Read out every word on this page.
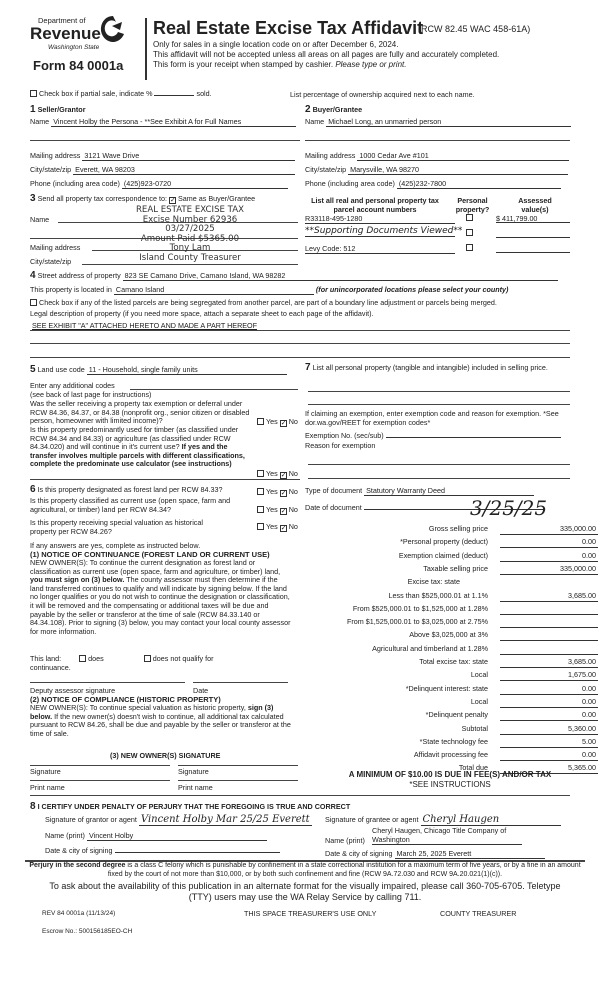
Department of
Revenue
Washington State
Form 84 0001a
Real Estate Excise Tax Affidavit
(RCW 82.45 WAC 458-61A)
Only for sales in a single location code on or after December 6, 2024.
This affidavit will not be accepted unless all areas on all pages are fully and accurately completed.
This form is your receipt when stamped by cashier. Please type or print.
Check box if partial sale, indicate %	sold.	List percentage of ownership acquired next to each name.
1 Seller/Grantor
Name Vincent Holby the Persona - **See Exhibit A for Full Names
Mailing address 3121 Wave Drive
City/state/zip Everett, WA 98203
Phone (including area code) (425)923-0720
2 Buyer/Grantee
Name Michael Long, an unmarried person
Mailing address 1000 Cedar Ave #101
City/state/zip Marysville, WA 98270
Phone (including area code) (425)232-7800
3 Send all property tax correspondence to: ✓ Same as Buyer/Grantee
Name
Mailing address
City/state/zip
REAL ESTATE EXCISE TAX
Excise Number 62936
03/27/2025
Amount Paid $5365.00
Tony Lam
Island County Treasurer
List all real and personal property tax
parcel account numbers
Personal
property?
Assessed
value(s)
R33118-495-1280	$ 411,799.00
**Supporting Documents Viewed**
Levy Code: 512
4 Street address of property 823 SE Camano Drive, Camano Island, WA 98282
This property is located in Camano Island	(for unincorporated locations please select your county)
Check box if any of the listed parcels are being segregated from another parcel, are part of a boundary line adjustment or parcels being merged.
Legal description of property (if you need more space, attach a separate sheet to each page of the affidavit).
SEE EXHIBIT "A" ATTACHED HERETO AND MADE A PART HEREOF
5 Land use code 11 - Household, single family units
Enter any additional codes
(see back of last page for instructions)
Was the seller receiving a property tax exemption or deferral under RCW 84.36, 84.37, or 84.38 (nonprofit org., senior citizen or disabled person, homeowner with limited income)?	Yes ✓ No
Is this property predominantly used for timber (as classified under RCW 84.34 and 84.33) or agriculture (as classified under RCW 84.34.020) and will continue in it's current use? If yes and the transfer involves multiple parcels with different classifications, complete the predominate use calculator (see instructions)
Yes ✓ No
7 List all personal property (tangible and intangible) included in selling price.
If claiming an exemption, enter exemption code and reason for exemption. *See dor.wa.gov/REET for exemption codes*
Exemption No. (sec/sub)
Reason for exemption
6 Is this property designated as forest land per RCW 84.33?	Yes ✓ No
Is this property classified as current use (open space, farm and agricultural, or timber) land per RCW 84.34?	Yes ✓ No
Is this property receiving special valuation as historical property per RCW 84.26?
Yes ✓ No
If any answers are yes, complete as instructed below.
(1) NOTICE OF CONTINUANCE (FOREST LAND OR CURRENT USE)
NEW OWNER(S): To continue the current designation as forest land or classification as current use (open space, farm and agriculture, or timber) land, you must sign on (3) below. The county assessor must then determine if the land transferred continues to qualify and will indicate by signing below. If the land no longer qualifies or you do not wish to continue the designation or classification, it will be removed and the compensating or additional taxes will be due and payable by the seller or transferor at the time of sale (RCW 84.33.140 or 84.34.108). Prior to signing (3) below, you may contact your local county assessor for more information.
This land:	does	does not qualify for
continuance.
Deputy assessor signature	Date
(2) NOTICE OF COMPLIANCE (HISTORIC PROPERTY)
NEW OWNER(S): To continue special valuation as historic property, sign (3) below. If the new owner(s) doesn't wish to continue, all additional tax calculated pursuant to RCW 84.26, shall be due and payable by the seller or transferor at the time of sale.
(3) NEW OWNER(S) SIGNATURE
Signature	Signature
Print name	Print name
Type of document Statutory Warranty Deed
Date of document	3/25/25
Gross selling price	335,000.00
*Personal property (deduct)	0.00
Exemption claimed (deduct)	0.00
Taxable selling price	335,000.00
Excise tax: state
Less than $525,000.01 at 1.1%	3,685.00
From $525,000.01 to $1,525,000 at 1.28%
From $1,525,000.01 to $3,025,000 at 2.75%
Above $3,025,000 at 3%
Agricultural and timberland at 1.28%
Total excise tax: state	3,685.00
Local	1,675.00
*Delinquent interest: state	0.00
Local	0.00
*Delinquent penalty	0.00
Subtotal	5,360.00
*State technology fee	5.00
Affidavit processing fee	0.00
Total due	5,365.00
A MINIMUM OF $10.00 IS DUE IN FEE(S) AND/OR TAX
*SEE INSTRUCTIONS
8 I CERTIFY UNDER PENALTY OF PERJURY THAT THE FOREGOING IS TRUE AND CORRECT
Signature of grantor or agent Vincent Holby Mar 25/25 Everett
Name (print) Vincent Holby
Date & city of signing
Signature of grantee or agent Cheryl Haugen
Name (print)
Cheryl Haugen, Chicago Title Company of Washington
Date & city of signing March 25, 2025 Everett
Perjury in the second degree is a class C felony which is punishable by confinement in a state correctional institution for a maximum term of five years, or by a fine in an amount fixed by the court of not more than $10,000, or by both such confinement and fine (RCW 9A.72.030 and RCW 9A.20.021(1)(c)).
To ask about the availability of this publication in an alternate format for the visually impaired, please call 360-705-6705. Teletype (TTY) users may use the WA Relay Service by calling 711.
REV 84 0001a (11/13/24)	THIS SPACE TREASURER'S USE ONLY	COUNTY TREASURER
Escrow No.: 500156185EO-CH
